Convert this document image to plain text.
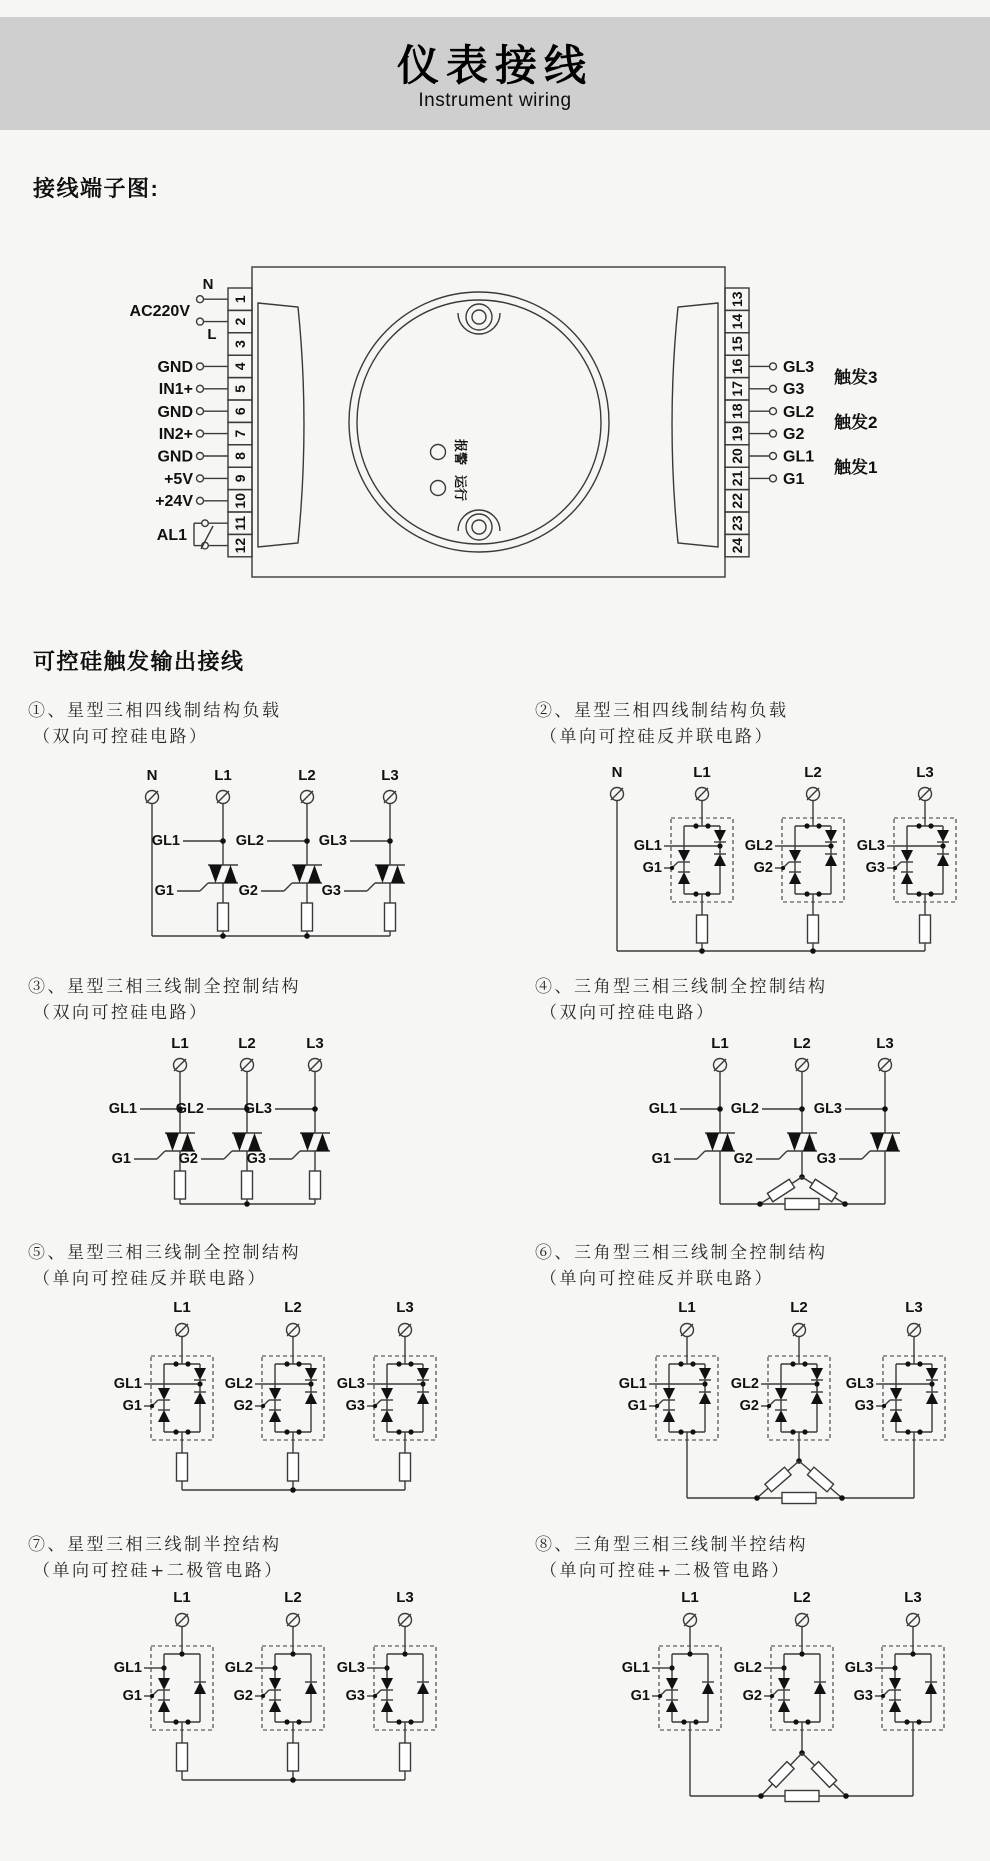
仪表接线
Instrument wiring
接线端子图:
报警
运行
1
2
3
4
5
6
7
8
9
10
11
12
13
14
15
16
17
18
19
20
21
22
23
24
N
AC220V
L
GND
IN1+
GND
IN2+
GND
+5V
+24V
AL1
GL3
G3
GL2
G2
GL1
G1
触发3
触发2
触发1
可控硅触发输出接线
①、星型三相四线制结构负载
（双向可控硅电路）
N	L1	L2	L3
GL1	GL2	GL3
G1	G2	G3
②、星型三相四线制结构负载
（单向可控硅反并联电路）
N	L1	L2	L3
GL1	GL2	GL3
G1	G2	G3
③、星型三相三线制全控制结构
（双向可控硅电路）
L1	L2	L3
GL1	GL2	GL3
G1	G2	G3
④、三角型三相三线制全控制结构
（双向可控硅电路）
L1	L2	L3
GL1	GL2	GL3
G1	G2	G3
⑤、星型三相三线制全控制结构
（单向可控硅反并联电路）
L1	L2	L3
GL1	GL2	GL3
G1	G2	G3
⑥、三角型三相三线制全控制结构
（单向可控硅反并联电路）
L1	L2	L3
GL1	GL2	GL3
G1	G2	G3
⑦、星型三相三线制半控结构
（单向可控硅+二极管电路）
L1	L2	L3
GL1	GL2	GL3
G1	G2	G3
⑧、三角型三相三线制半控结构
（单向可控硅+二极管电路）
L1	L2	L3
GL1	GL2	GL3
G1	G2	G3
